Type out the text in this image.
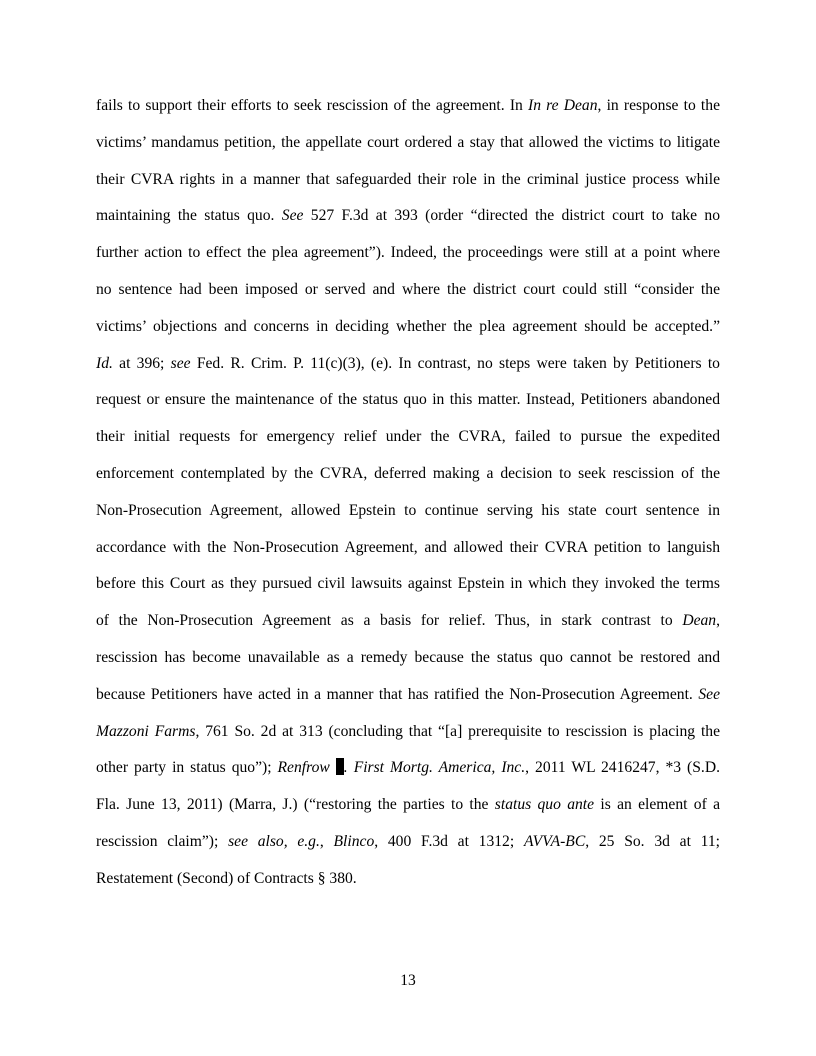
fails to support their efforts to seek rescission of the agreement. In In re Dean, in response to the
victims’ mandamus petition, the appellate court ordered a stay that allowed the victims to litigate
their CVRA rights in a manner that safeguarded their role in the criminal justice process while
maintaining the status quo. See 527 F.3d at 393 (order “directed the district court to take no
further action to effect the plea agreement”). Indeed, the proceedings were still at a point where
no sentence had been imposed or served and where the district court could still “consider the
victims’ objections and concerns in deciding whether the plea agreement should be accepted.”
Id. at 396; see Fed. R. Crim. P. 11(c)(3), (e). In contrast, no steps were taken by Petitioners to
request or ensure the maintenance of the status quo in this matter. Instead, Petitioners abandoned
their initial requests for emergency relief under the CVRA, failed to pursue the expedited
enforcement contemplated by the CVRA, deferred making a decision to seek rescission of the
Non-Prosecution Agreement, allowed Epstein to continue serving his state court sentence in
accordance with the Non-Prosecution Agreement, and allowed their CVRA petition to languish
before this Court as they pursued civil lawsuits against Epstein in which they invoked the terms
of the Non-Prosecution Agreement as a basis for relief. Thus, in stark contrast to Dean,
rescission has become unavailable as a remedy because the status quo cannot be restored and
because Petitioners have acted in a manner that has ratified the Non-Prosecution Agreement. See
Mazzoni Farms, 761 So. 2d at 313 (concluding that “[a] prerequisite to rescission is placing the
other party in status quo”); Renfrow . First Mortg. America, Inc., 2011 WL 2416247, *3 (S.D.
Fla. June 13, 2011) (Marra, J.) (“restoring the parties to the status quo ante is an element of a
rescission claim”); see also, e.g., Blinco, 400 F.3d at 1312; AVVA-BC, 25 So. 3d at 11;
Restatement (Second) of Contracts § 380.
13
